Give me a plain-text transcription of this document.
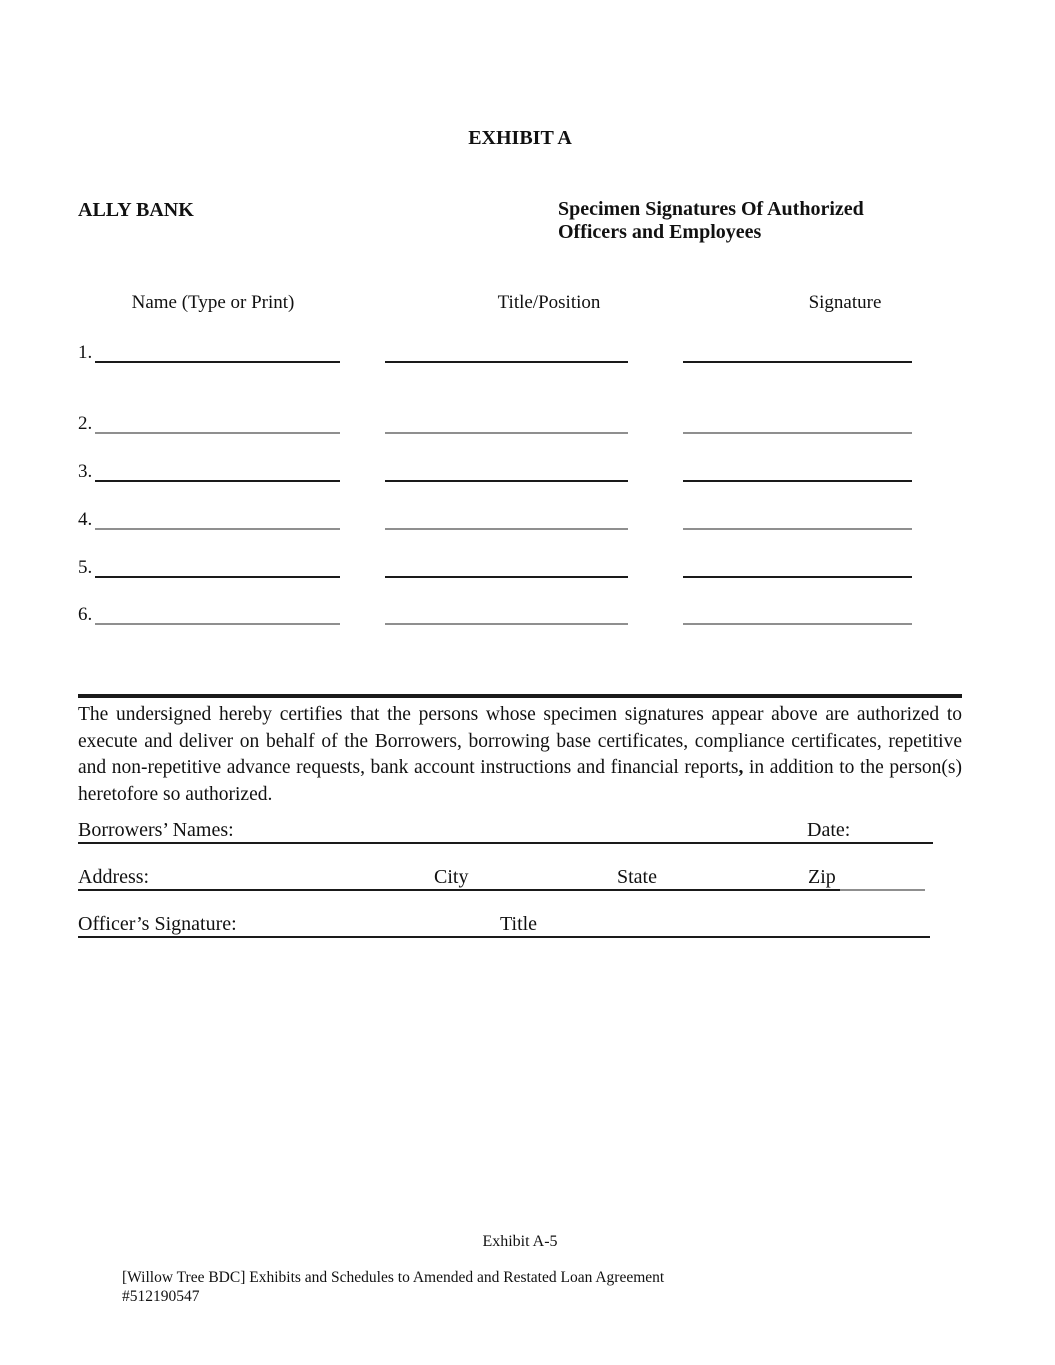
EXHIBIT A
ALLY BANK	Specimen Signatures Of Authorized
Officers and Employees
Name (Type or Print)	Title/Position	Signature
1.
2.
3.
4.
5.
6.
The undersigned hereby certifies that the persons whose specimen signatures appear above are authorized to execute and deliver on behalf of the Borrowers, borrowing base certificates, compliance certificates, repetitive and non-repetitive advance requests, bank account instructions and financial reports, in addition to the person(s) heretofore so authorized.
Borrowers’ Names:	Date:
Address:	City	State	Zip
Officer’s Signature:	Title
Exhibit A-5
[Willow Tree BDC] Exhibits and Schedules to Amended and Restated Loan Agreement
#512190547
